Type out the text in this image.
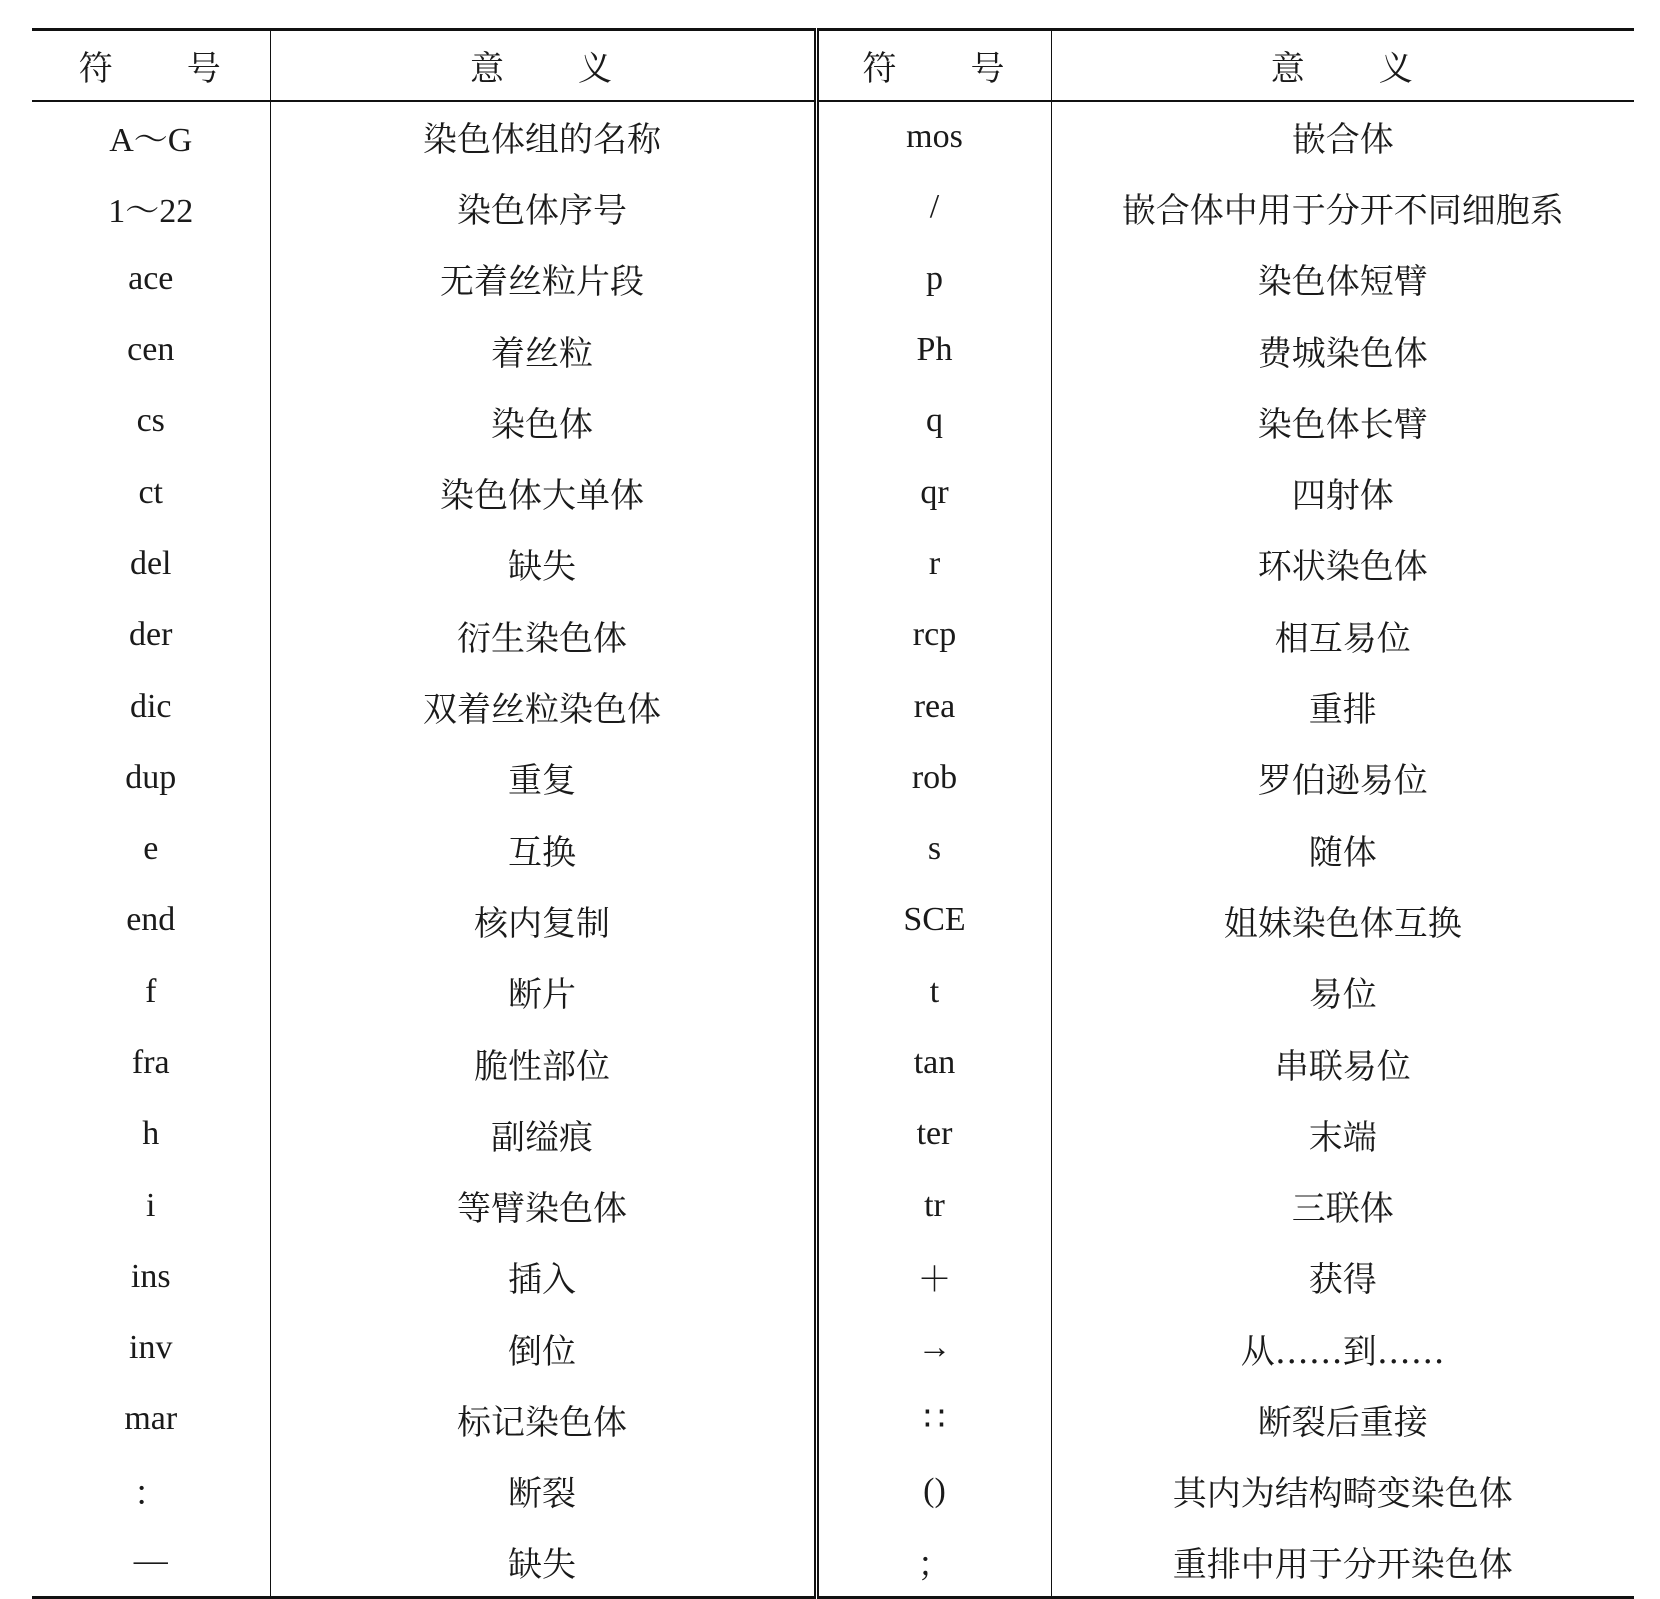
符　　号	意　　义	符　　号	意　　义
A～G	染色体组的名称	mos	嵌合体
1～22	染色体序号	/	嵌合体中用于分开不同细胞系
ace	无着丝粒片段	p	染色体短臂
cen	着丝粒	Ph	费城染色体
cs	染色体	q	染色体长臂
ct	染色体大单体	qr	四射体
del	缺失	r	环状染色体
der	衍生染色体	rcp	相互易位
dic	双着丝粒染色体	rea	重排
dup	重复	rob	罗伯逊易位
e	互换	s	随体
end	核内复制	SCE	姐妹染色体互换
f	断片	t	易位
fra	脆性部位	tan	串联易位
h	副缢痕	ter	末端
i	等臂染色体	tr	三联体
ins	插入	＋	获得
inv	倒位	→	从……到……
mar	标记染色体	∷	断裂后重接
：	断裂	()	其内为结构畸变染色体
—	缺失	；	重排中用于分开染色体
